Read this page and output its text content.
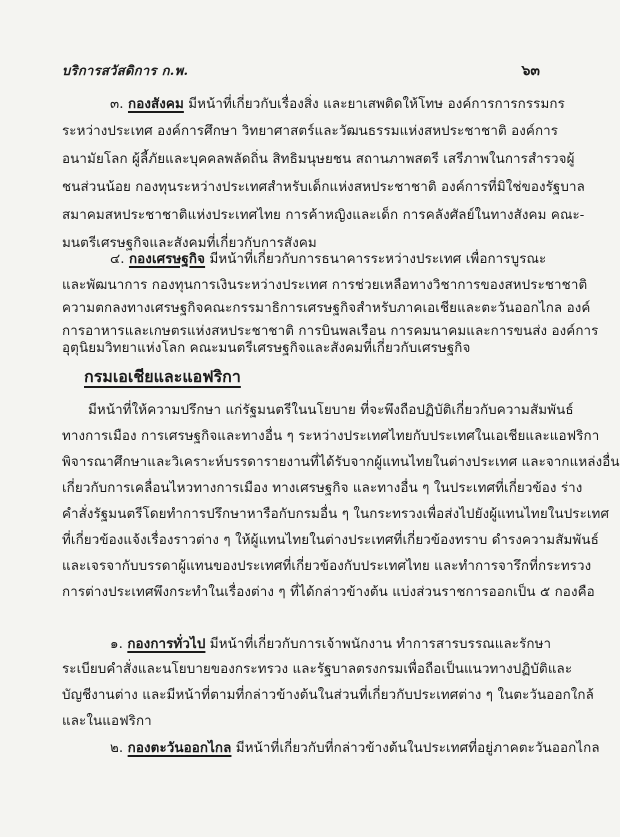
บริการสวัสดิการ ก.พ.	๖๓
๓. กองสังคม มีหน้าที่เกี่ยวกับเรื่องสิ่ง และยาเสพติดให้โทษ องค์การการกรรมกร
ระหว่างประเทศ องค์การศึกษา วิทยาศาสตร์และวัฒนธรรมแห่งสหประชาชาติ องค์การ
อนามัยโลก ผู้ลี้ภัยและบุคคลพลัดถิ่น สิทธิมนุษยชน สถานภาพสตรี เสรีภาพในการสำรวจผู้
ชนส่วนน้อย กองทุนระหว่างประเทศสำหรับเด็กแห่งสหประชาชาติ องค์การที่มิใช่ของรัฐบาล
สมาคมสหประชาชาติแห่งประเทศไทย การค้าหญิงและเด็ก การคลังศัลย์ในทางสังคม คณะ-
มนตรีเศรษฐกิจและสังคมที่เกี่ยวกับการสังคม
๔. กองเศรษฐกิจ มีหน้าที่เกี่ยวกับการธนาคารระหว่างประเทศ เพื่อการบูรณะ
และพัฒนาการ กองทุนการเงินระหว่างประเทศ การช่วยเหลือทางวิชาการของสหประชาชาติ
ความตกลงทางเศรษฐกิจคณะกรรมาธิการเศรษฐกิจสำหรับภาคเอเชียและตะวันออกไกล องค์
การอาหารและเกษตรแห่งสหประชาชาติ การบินพลเรือน การคมนาคมและการขนส่ง องค์การ
อุตุนิยมวิทยาแห่งโลก คณะมนตรีเศรษฐกิจและสังคมที่เกี่ยวกับเศรษฐกิจ
กรมเอเชียและแอฟริกา
มีหน้าที่ให้ความปรึกษา แก่รัฐมนตรีในนโยบาย ที่จะพึงถือปฏิบัติเกี่ยวกับความสัมพันธ์
ทางการเมือง การเศรษฐกิจและทางอื่น ๆ ระหว่างประเทศไทยกับประเทศในเอเชียและแอฟริกา
พิจารณาศึกษาและวิเคราะห์บรรดารายงานที่ได้รับจากผู้แทนไทยในต่างประเทศ และจากแหล่งอื่น
เกี่ยวกับการเคลื่อนไหวทางการเมือง ทางเศรษฐกิจ และทางอื่น ๆ ในประเทศที่เกี่ยวข้อง ร่าง
คำสั่งรัฐมนตรีโดยทำการปรึกษาหารือกับกรมอื่น ๆ ในกระทรวงเพื่อส่งไปยังผู้แทนไทยในประเทศ
ที่เกี่ยวข้องแจ้งเรื่องราวต่าง ๆ ให้ผู้แทนไทยในต่างประเทศที่เกี่ยวข้องทราบ ดำรงความสัมพันธ์
และเจรจากับบรรดาผู้แทนของประเทศที่เกี่ยวข้องกับประเทศไทย และทำการจารึกที่กระทรวง
การต่างประเทศพึงกระทำในเรื่องต่าง ๆ ที่ได้กล่าวข้างต้น แบ่งส่วนราชการออกเป็น ๕ กองคือ
๑. กองการทั่วไป มีหน้าที่เกี่ยวกับการเจ้าพนักงาน ทำการสารบรรณและรักษา
ระเบียบคำสั่งและนโยบายของกระทรวง และรัฐบาลตรงกรมเพื่อถือเป็นแนวทางปฏิบัติและ
บัญชีงานต่าง และมีหน้าที่ตามที่กล่าวข้างต้นในส่วนที่เกี่ยวกับประเทศต่าง ๆ ในตะวันออกใกล้
และในแอฟริกา
๒. กองตะวันออกไกล มีหน้าที่เกี่ยวกับที่กล่าวข้างต้นในประเทศที่อยู่ภาคตะวันออกไกล
